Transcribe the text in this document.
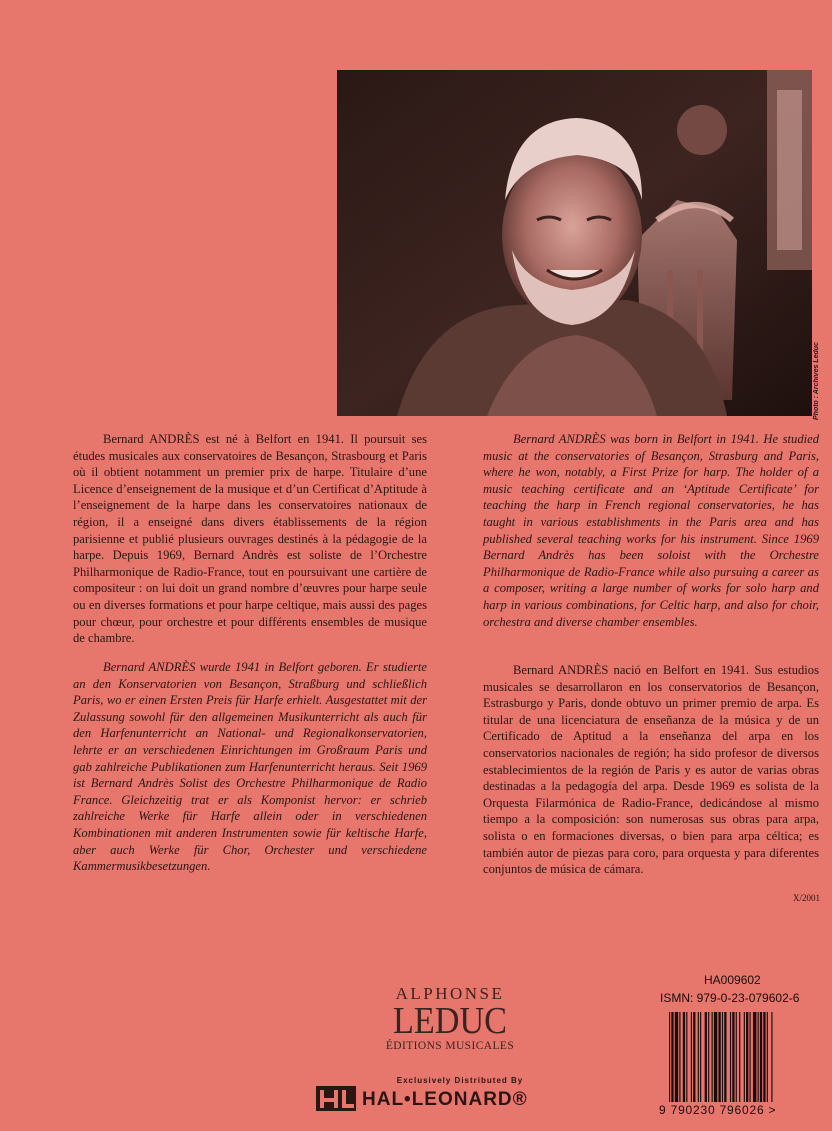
Photo : Archives Leduc

Bernard ANDRÈS est né à Belfort en 1941. Il poursuit ses études musicales aux conservatoires de Besançon, Strasbourg et Paris où il obtient notamment un premier prix de harpe. Titulaire d’une Licence d’enseignement de la musique et d’un Certificat d’Aptitude à l’enseignement de la harpe dans les conservatoires nationaux de région, il a enseigné dans divers établissements de la région parisienne et publié plusieurs ouvrages destinés à la pédagogie de la harpe. Depuis 1969, Bernard Andrès est soliste de l’Orchestre Philharmonique de Radio-France, tout en poursuivant une cartière de compositeur : on lui doit un grand nombre d’œuvres pour harpe seule ou en diverses formations et pour harpe celtique, mais aussi des pages pour chœur, pour orchestre et pour différents ensembles de musique de chambre.

Bernard ANDRÈS was born in Belfort in 1941. He studied music at the conservatories of Besançon, Strasburg and Paris, where he won, notably, a First Prize for harp. The holder of a music teaching certificate and an ‘Aptitude Certificate’ for teaching the harp in French regional conservatories, he has taught in various establishments in the Paris area and has published several teaching works for his instrument. Since 1969 Bernard Andrès has been soloist with the Orchestre Philharmonique de Radio-France while also pursuing a career as a composer, writing a large number of works for solo harp and harp in various combinations, for Celtic harp, and also for choir, orchestra and diverse chamber ensembles.

Bernard ANDRÈS wurde 1941 in Belfort geboren. Er studierte an den Konservatorien von Besançon, Straßburg und schließlich Paris, wo er einen Ersten Preis für Harfe erhielt. Ausgestattet mit der Zulassung sowohl für den allgemeinen Musikunterricht als auch für den Harfenunterricht an National- und Regionalkonservatorien, lehrte er an verschiedenen Einrichtungen im Großraum Paris und gab zahlreiche Publikationen zum Harfenunterricht heraus. Seit 1969 ist Bernard Andrès Solist des Orchestre Philharmonique de Radio France. Gleichzeitig trat er als Komponist hervor: er schrieb zahlreiche Werke für Harfe allein oder in verschiedenen Kombinationen mit anderen Instrumenten sowie für keltische Harfe, aber auch Werke für Chor, Orchester und verschiedene Kammermusikbesetzungen.

Bernard ANDRÈS nació en Belfort en 1941. Sus estudios musicales se desarrollaron en los conservatorios de Besançon, Estrasburgo y Paris, donde obtuvo un primer premio de arpa. Es titular de una licenciatura de enseñanza de la música y de un Certificado de Aptitud a la enseñanza del arpa en los conservatorios nacionales de región; ha sido profesor de diversos establecimientos de la región de Paris y es autor de varias obras destinadas a la pedagogía del arpa. Desde 1969 es solista de la Orquesta Filarmónica de Radio-France, dedicándose al mismo tiempo a la composición: son numerosas sus obras para arpa, solista o en formaciones diversas, o bien para arpa céltica; es también autor de piezas para coro, para orquesta y para diferentes conjuntos de música de cámara.

X/2001
ALPHONSE
LEDUC
ÉDITIONS MUSICALES
Exclusively Distributed By
HAL•LEONARD®
HA009602
ISMN: 979-0-23-079602-6
9 790230 796026 >
